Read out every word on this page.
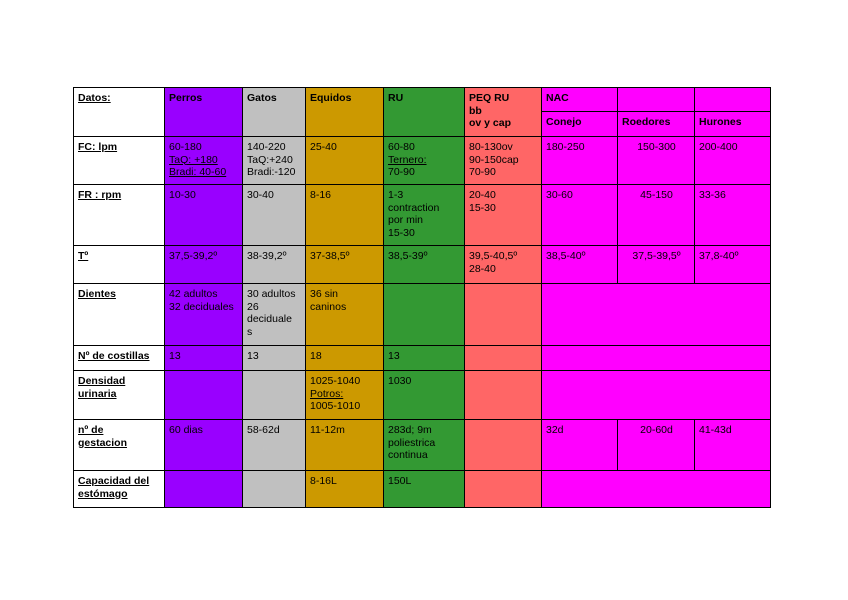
Datos:	Perros	Gatos	Equidos	RU	PEQ RU
bb
ov y cap	NAC		
						Conejo	Roedores	Hurones
FC: lpm	60-180
TaQ: +180
Bradi: 40-60	140-220
TaQ:+240
Bradi:-120	25-40	60-80
Ternero:
70-90	80-130ov
90-150cap
70-90	180-250	150-300	200-400
FR : rpm	10-30	30-40	8-16	1-3
contraction
por min
15-30	20-40
15-30	30-60	45-150	33-36
Tº	37,5-39,2º	38-39,2º	37-38,5º	38,5-39º	39,5-40,5º
28-40	38,5-40º	37,5-39,5º	37,8-40º
Dientes	42 adultos
32 deciduales	30 adultos
26
deciduale
s	36 sin
caninos					
Nº de costillas	13	13	18	13				
Densidad
urinaria			1025-1040
Potros:
1005-1010	1030				
nº de
gestacion	60 dias	58-62d	11-12m	283d; 9m
poliestrica
continua		32d	20-60d	41-43d
Capacidad del
estómago			8-16L	150L				
